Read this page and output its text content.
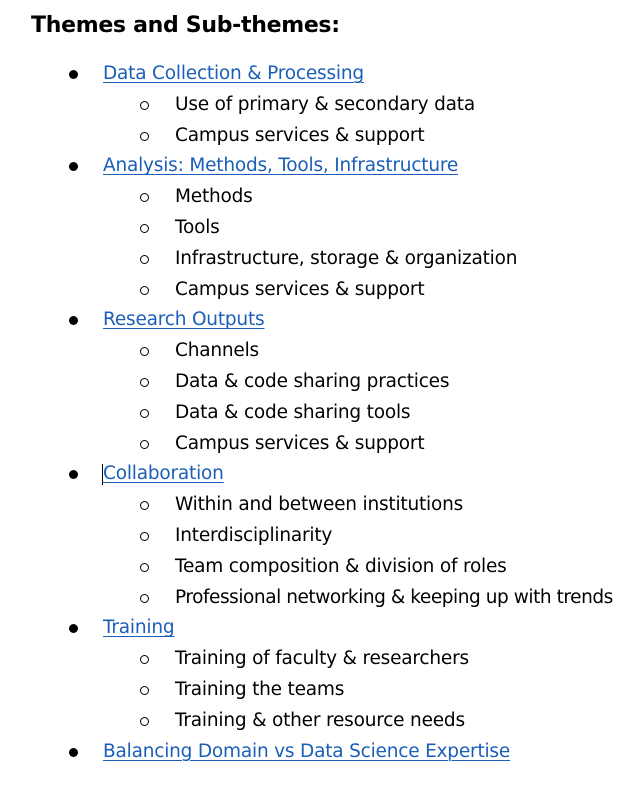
Themes and Sub-themes:
Data Collection & Processing
Use of primary & secondary data
Campus services & support
Analysis: Methods, Tools, Infrastructure
Methods
Tools
Infrastructure, storage & organization
Campus services & support
Research Outputs
Channels
Data & code sharing practices
Data & code sharing tools
Campus services & support
Collaboration
Within and between institutions
Interdisciplinarity
Team composition & division of roles
Professional networking & keeping up with trends
Training
Training of faculty & researchers
Training the teams
Training & other resource needs
Balancing Domain vs Data Science Expertise
